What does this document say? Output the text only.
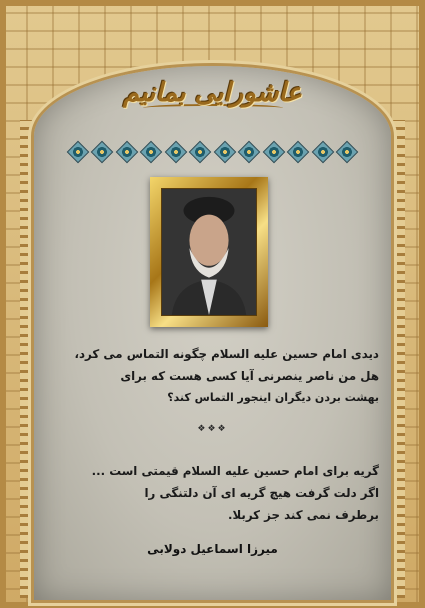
عاشورایی بمانیم

دیدی امام حسین علیه السلام چگونه التماس می کرد،

هل من ناصر ینصرنی آیا کسی هست که برای

بهشت بردن دیگران اینجور التماس کند؟

❖❖❖

گریه برای امام حسین علیه السلام قیمتی است ...

اگر دلت گرفت هیچ گریه ای آن دلتنگی را

برطرف نمی کند جز کربلا.

میرزا اسماعیل دولابی
